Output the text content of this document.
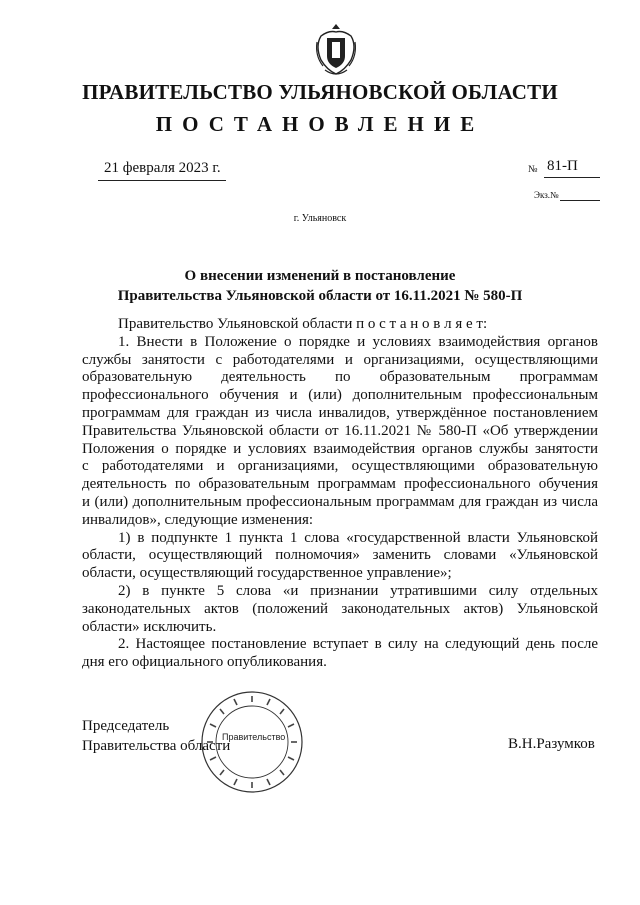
ПРАВИТЕЛЬСТВО УЛЬЯНОВСКОЙ ОБЛАСТИ
ПОСТАНОВЛЕНИЕ
21 февраля 2023 г.	№ 81-П
Экз.№
г. Ульяновск
О внесении изменений в постановление
Правительства Ульяновской области от 16.11.2021 № 580-П

Правительство Ульяновской области п о с т а н о в л я е т:

1. Внести в Положение о порядке и условиях взаимодействия органов

службы занятости с работодателями и организациями, осуществляющими

образовательную деятельность по образовательным программам

профессионального обучения и (или) дополнительным профессиональным

программам для граждан из числа инвалидов, утверждённое постановлением

Правительства Ульяновской области от 16.11.2021 № 580-П «Об утверждении

Положения о порядке и условиях взаимодействия органов службы занятости

с работодателями и организациями, осуществляющими образовательную

деятельность по образовательным программам профессионального обучения

и (или) дополнительным профессиональным программам для граждан из числа

инвалидов», следующие изменения:

1) в подпункте 1 пункта 1 слова «государственной власти Ульяновской

области, осуществляющий полномочия» заменить словами «Ульяновской

области, осуществляющий государственное управление»;

2) в пункте 5 слова «и признании утратившими силу отдельных

законодательных актов (положений законодательных актов) Ульяновской

области» исключить.

2. Настоящее постановление вступает в силу на следующий день после

дня его официального опубликования.

Председатель
Правительства области
Правительство	В.Н.Разумков
